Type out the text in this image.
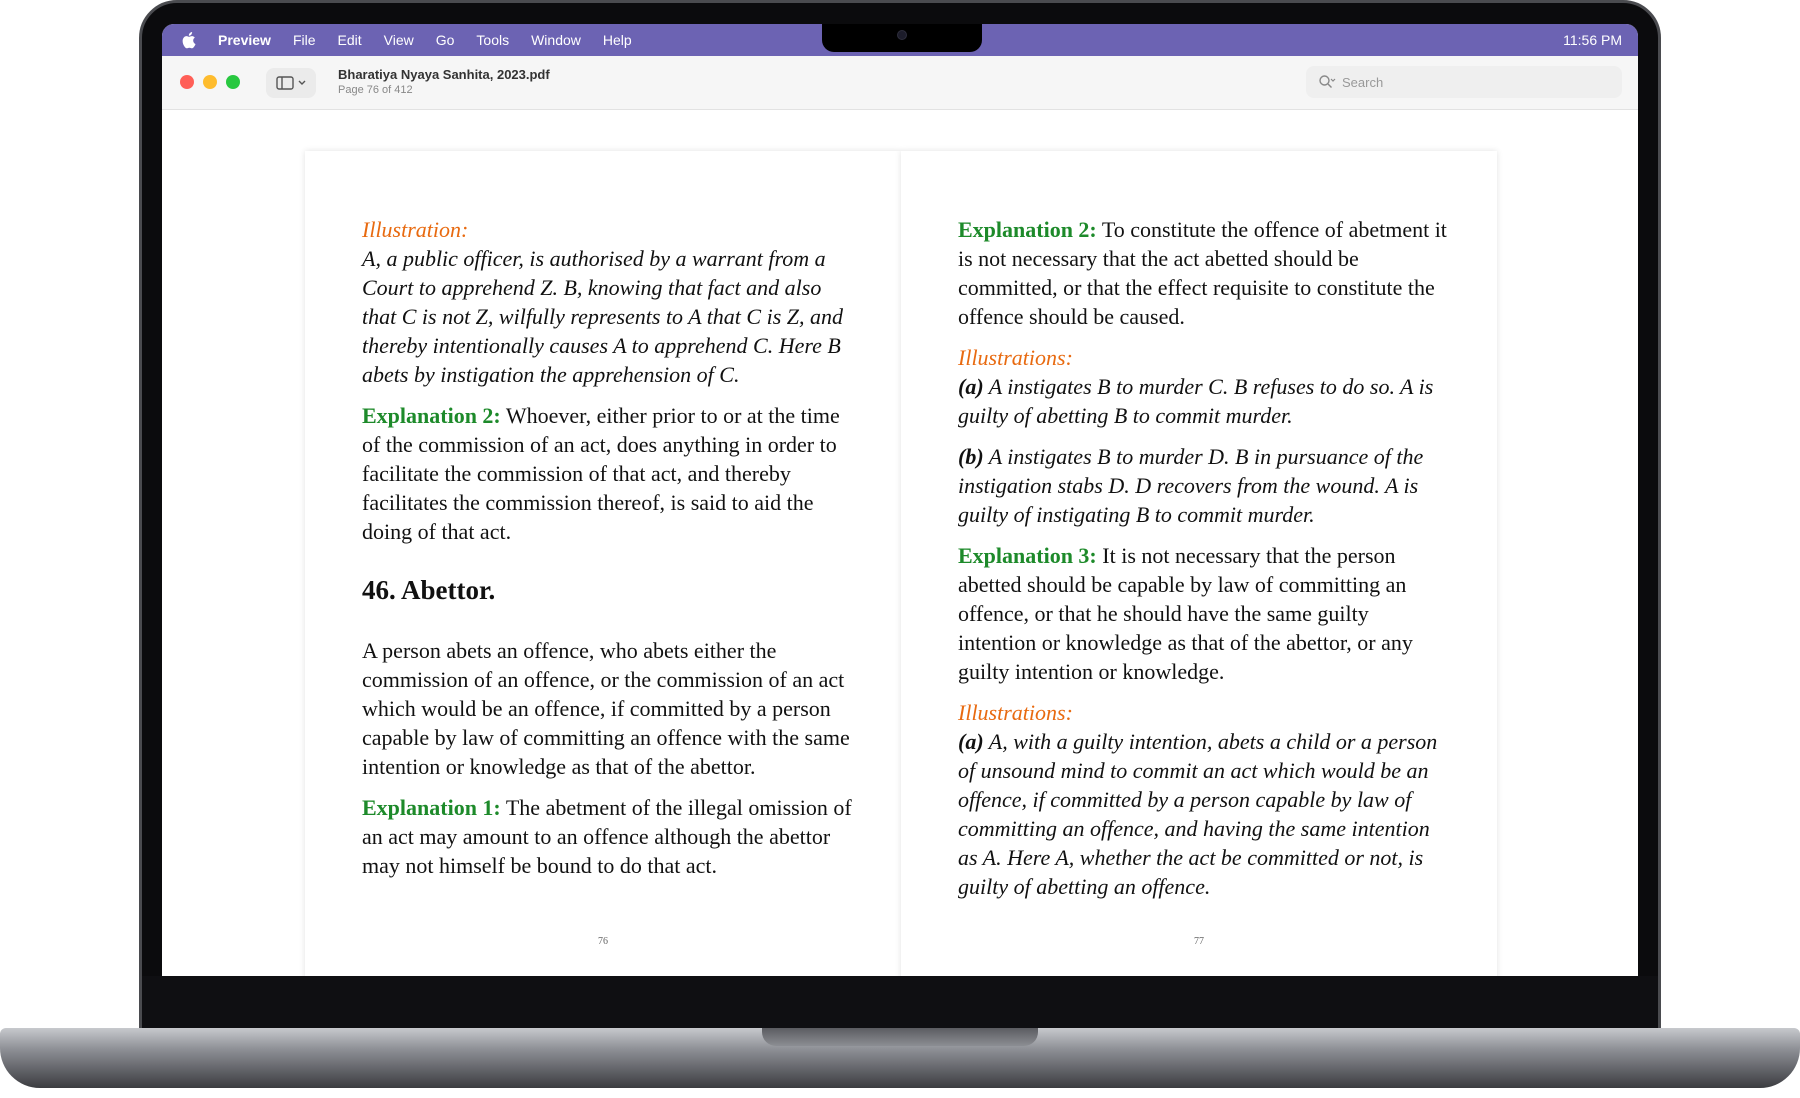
Preview File Edit View Go Tools Window Help	11:56 PM
Bharatiya Nyaya Sanhita, 2023.pdf
Page 76 of 412
Search
Illustration:

A, a public officer, is authorised by a warrant from a Court to apprehend Z. B, knowing that fact and also that C is not Z, wilfully represents to A that C is Z, and thereby intentionally causes A to apprehend C. Here B abets by instigation the apprehension of C.

Explanation 2: Whoever, either prior to or at the time of the commission of an act, does anything in order to facilitate the commission of that act, and thereby facilitates the commission thereof, is said to aid the doing of that act.

46. Abettor.

A person abets an offence, who abets either the commission of an offence, or the commission of an act which would be an offence, if committed by a person capable by law of committing an offence with the same intention or knowledge as that of the abettor.

Explanation 1: The abetment of the illegal omission of an act may amount to an offence although the abettor may not himself be bound to do that act.

76

Explanation 2: To constitute the offence of abetment it is not necessary that the act abetted should be committed, or that the effect requisite to constitute the offence should be caused.

Illustrations:

(a) A instigates B to murder C. B refuses to do so. A is guilty of abetting B to commit murder.

(b) A instigates B to murder D. B in pursuance of the instigation stabs D. D recovers from the wound. A is guilty of instigating B to commit murder.

Explanation 3: It is not necessary that the person abetted should be capable by law of committing an offence, or that he should have the same guilty intention or knowledge as that of the abettor, or any guilty intention or knowledge.

Illustrations:

(a) A, with a guilty intention, abets a child or a person of unsound mind to commit an act which would be an offence, if committed by a person capable by law of committing an offence, and having the same intention as A. Here A, whether the act be committed or not, is guilty of abetting an offence.

77
